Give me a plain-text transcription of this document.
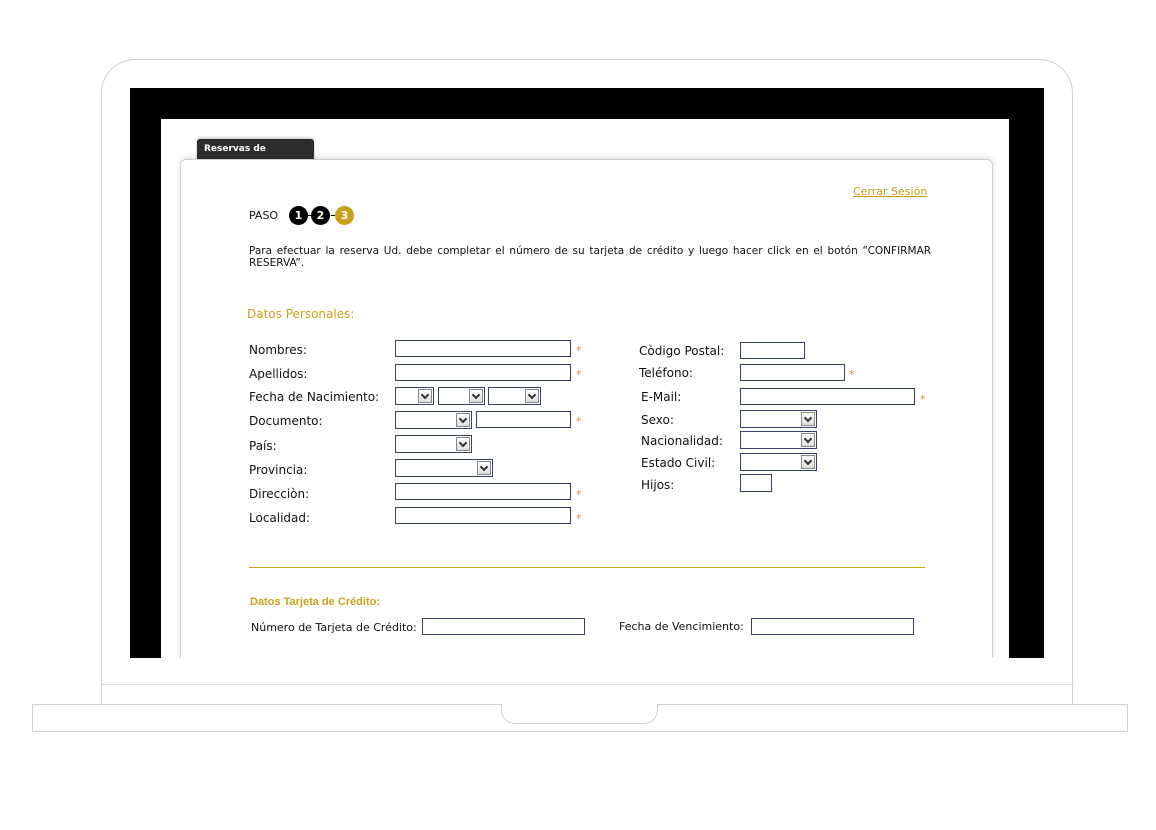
Reservas de
Cerrar Sesión
PASO	1	2	3
Para efectuar la reserva Ud. debe completar el número de su tarjeta de crédito y luego hacer click en el botón “CONFIRMAR RESERVA”.
Datos Personales:
Nombres:	*
Apellidos:	*
Fecha de Nacimiento:
Documento:	*
País:
Provincia:
Direcciòn:	*
Localidad:	*
Còdigo Postal:
Teléfono:	*
E-Mail:	*
Sexo:
Nacionalidad:
Estado Civil:
Hijos:
Datos Tarjeta de Crédito:
Número de Tarjeta de Crédito:	Fecha de Vencimiento:
